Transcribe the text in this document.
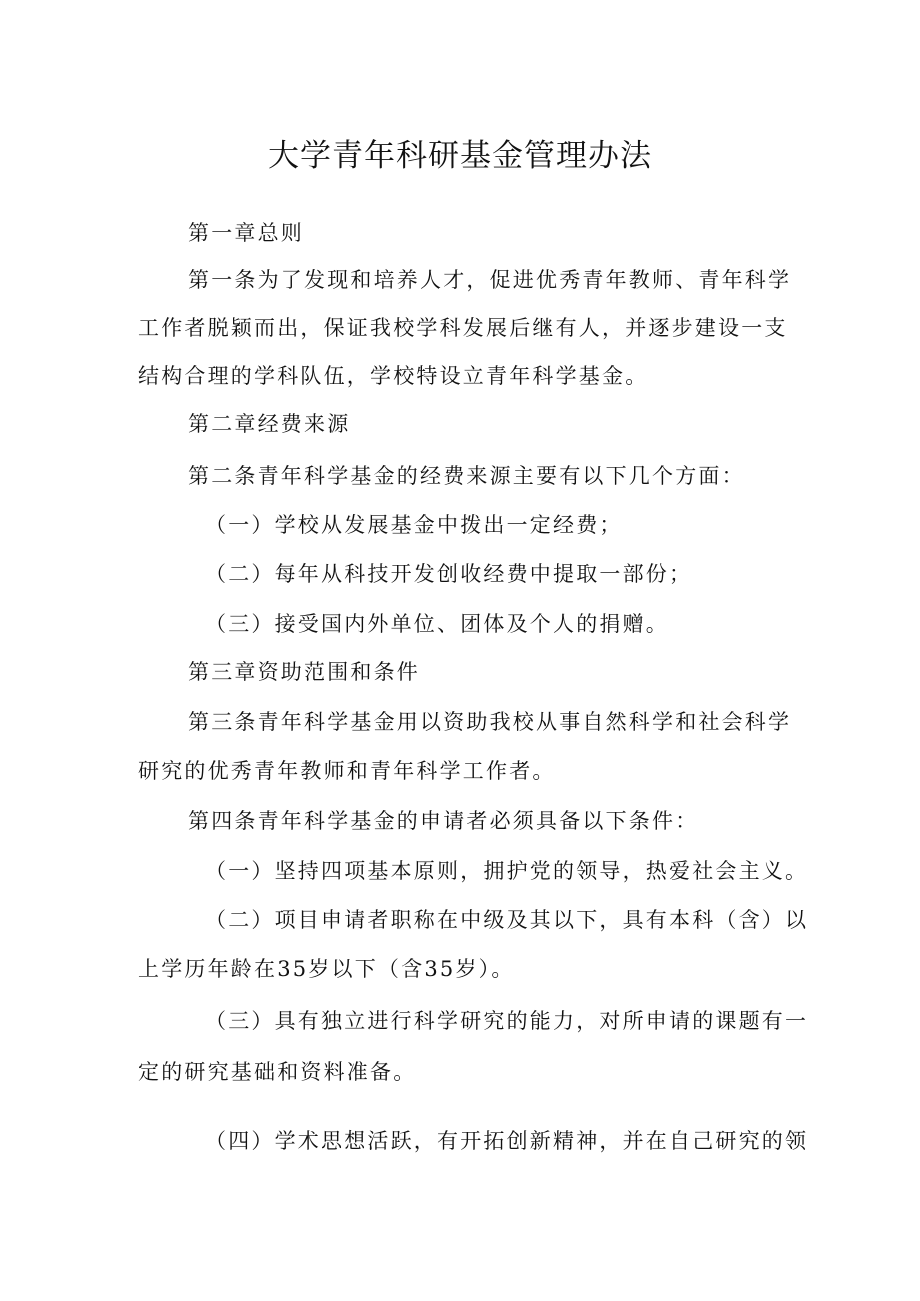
大学青年科研基金管理办法
第一章总则
第一条为了发现和培养人才，促进优秀青年教师、青年科学
工作者脱颖而出，保证我校学科发展后继有人，并逐步建设一支
结构合理的学科队伍，学校特设立青年科学基金。
第二章经费来源
第二条青年科学基金的经费来源主要有以下几个方面：
（一）学校从发展基金中拨出一定经费；
（二）每年从科技开发创收经费中提取一部份；
（三）接受国内外单位、团体及个人的捐赠。
第三章资助范围和条件
第三条青年科学基金用以资助我校从事自然科学和社会科学
研究的优秀青年教师和青年科学工作者。
第四条青年科学基金的申请者必须具备以下条件：
（一）坚持四项基本原则，拥护党的领导，热爱社会主义。
（二）项目申请者职称在中级及其以下，具有本科（含）以
上学历年龄在35岁以下（含35岁）。
（三）具有独立进行科学研究的能力，对所申请的课题有一
定的研究基础和资料准备。
（四）学术思想活跃，有开拓创新精神，并在自己研究的领
